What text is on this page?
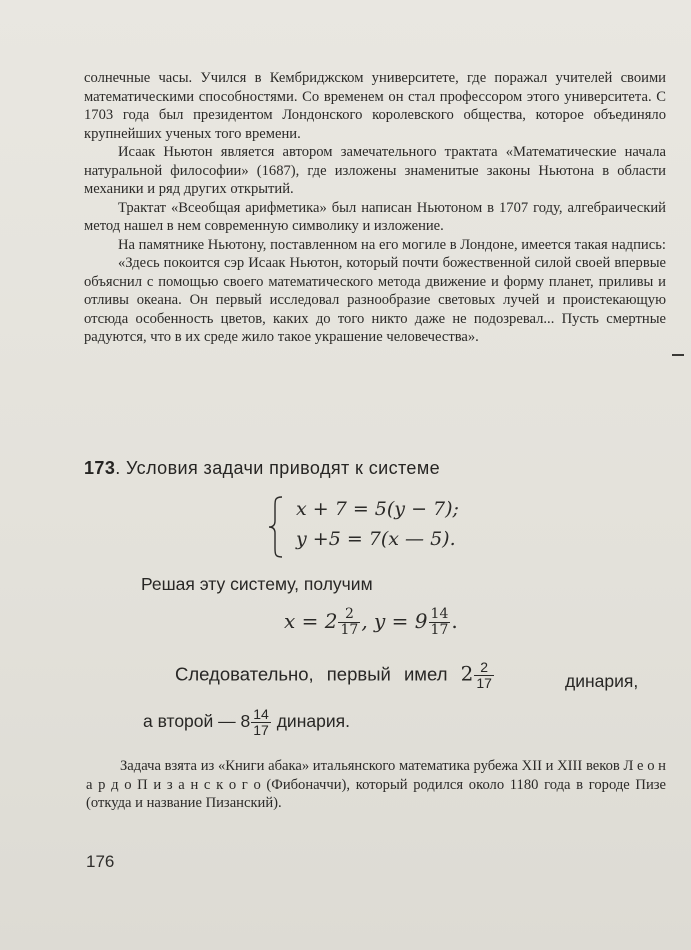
солнечные часы. Учился в Кембриджском университете, где поражал учителей своими математическими способностями. Со временем он стал профессором этого университета. С 1703 года был президентом Лондонского королевского общества, которое объединяло крупнейших ученых того времени.

Исаак Ньютон является автором замечательного трактата «Математические начала натуральной философии» (1687), где изложены знаменитые законы Ньютона в области механики и ряд других открытий.

Трактат «Всеобщая арифметика» был написан Ньютоном в 1707 году, алгебраический метод нашел в нем современную символику и изложение.

На памятнике Ньютону, поставленном на его могиле в Лондоне, имеется такая надпись:

«Здесь покоится сэр Исаак Ньютон, который почти божественной силой своей впервые объяснил с помощью своего математического метода движение и форму планет, приливы и отливы океана. Он первый исследовал разнообразие световых лучей и проистекающую отсюда особенность цветов, каких до того никто даже не подозревал... Пусть смертные радуются, что в их среде жило такое украшение человечества».

173. Условия задачи приводят к системе
x + 7 = 5(y − 7);
y +5 = 7(x — 5).
Решая эту систему, получим
$x = 2 \frac{2}{17}$ , $y = 9 \frac{14}{17}$ .
Следовательно, первый имел $2 \frac{2}{17}$	динария,
а второй — $8 \frac{14}{17}$ динария.
Задача взята из «Книги абака» итальянского математика рубежа XII и XIII веков Л е о н а р д о П и з а н с к о г о (Фибоначчи), который родился около 1180 года в городе Пизе (откуда и название Пизанский).
176
